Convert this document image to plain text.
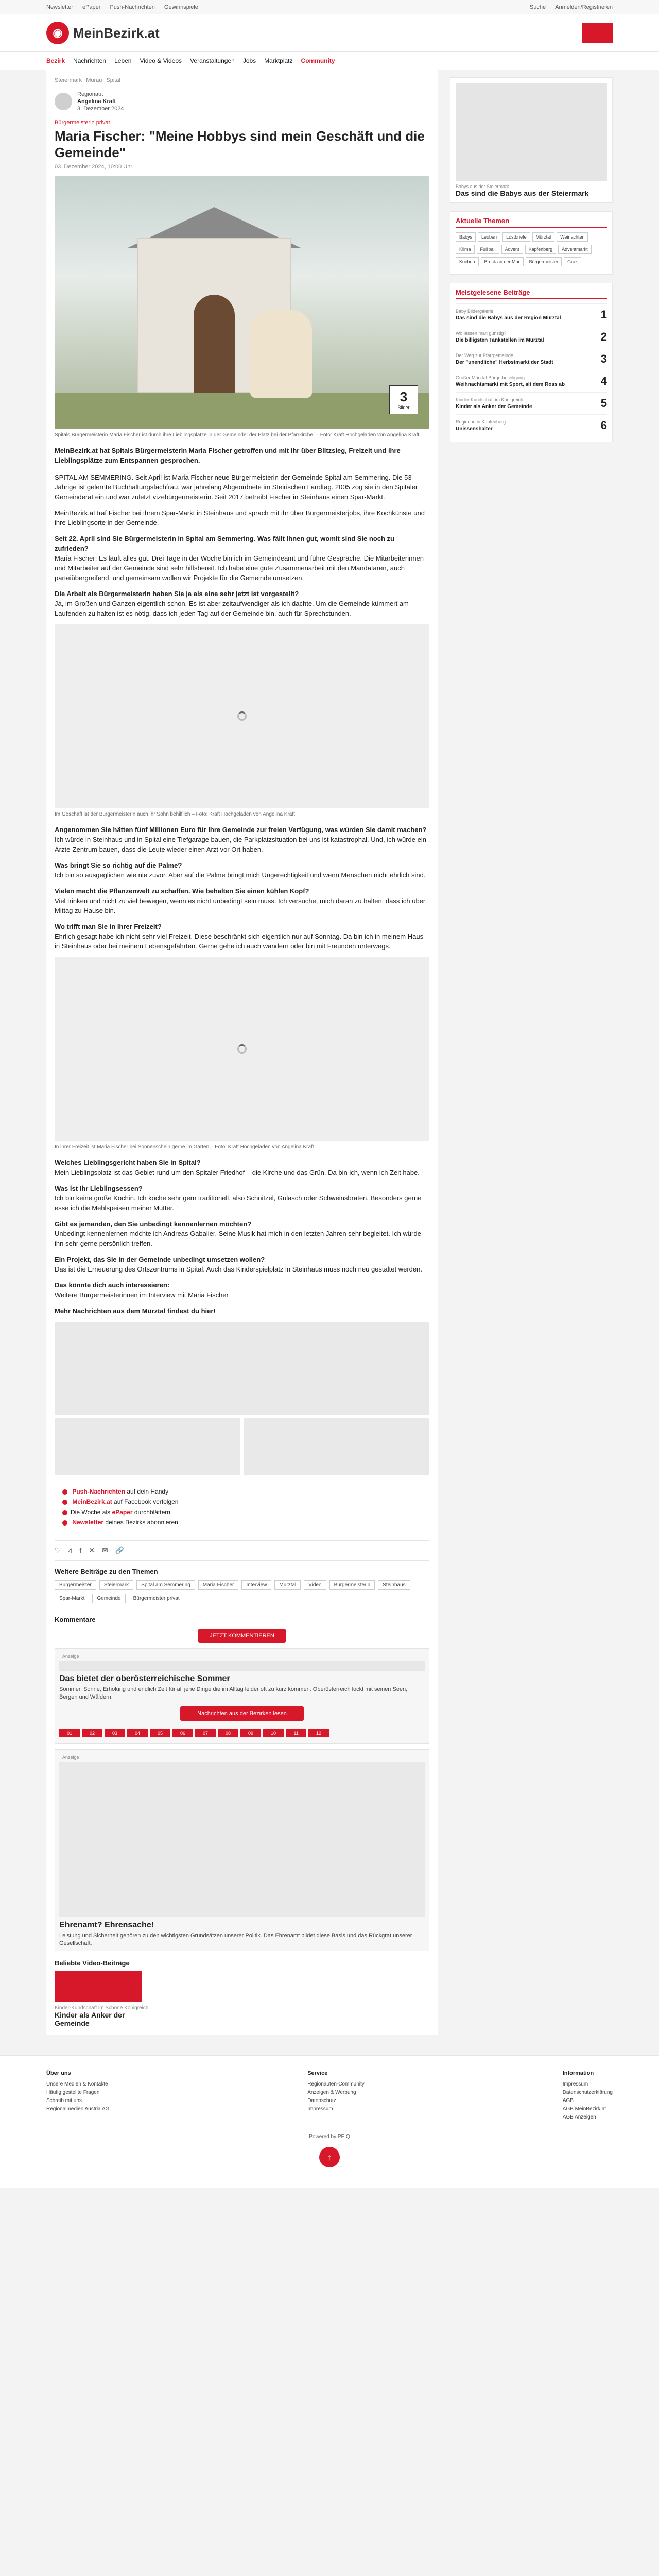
Newsletter ePaper Push-Nachrichten Gewinnspiele	Suche Anmelden/Registrieren
◉ MeinBezirk.at
Bezirk Nachrichten Leben Video & Videos Veranstaltungen Jobs Marktplatz Community
Steiermark Murau Spital
Regionaut
Angelina Kraft
3. Dezember 2024
Bürgermeisterin privat
Maria Fischer: "Meine Hobbys sind mein Geschäft und die Gemeinde"
03. Dezember 2024, 10:00 Uhr
3
Bilder
Spitals Bürgermeisterin Maria Fischer ist durch ihre Lieblingsplätze in der Gemeinde: der Platz bei der Pfarrkirche. – Foto: Kraft Hochgeladen von Angelina Kraft
MeinBezirk.at hat Spitals Bürgermeisterin Maria Fischer getroffen und mit ihr über Blitzsieg, Freizeit und ihre Lieblingsplätze zum Entspannen gesprochen.

SPITAL AM SEMMERING. Seit April ist Maria Fischer neue Bürgermeisterin der Gemeinde Spital am Semmering. Die 53-Jährige ist gelernte Buchhaltungsfachfrau, war jahrelang Abgeordnete im Steirischen Landtag. 2005 zog sie in den Spitaler Gemeinderat ein und war zuletzt vizebürgermeisterin. Seit 2017 betreibt Fischer in Steinhaus einen Spar-Markt.

MeinBezirk.at traf Fischer bei ihrem Spar-Markt in Steinhaus und sprach mit ihr über Bürgermeisterjobs, ihre Kochkünste und ihre Lieblingsorte in der Gemeinde.

Seit 22. April sind Sie Bürgermeisterin in Spital am Semmering. Was fällt Ihnen gut, womit sind Sie noch zu zufrieden?

Maria Fischer: Es läuft alles gut. Drei Tage in der Woche bin ich im Gemeindeamt und führe Gespräche. Die Mitarbeiterinnen und Mitarbeiter auf der Gemeinde sind sehr hilfsbereit. Ich habe eine gute Zusammenarbeit mit den Mandataren, auch parteiübergreifend, und gemeinsam wollen wir Projekte für die Gemeinde umsetzen.

Die Arbeit als Bürgermeisterin haben Sie ja als eine sehr jetzt ist vorgestellt?

Ja, im Großen und Ganzen eigentlich schon. Es ist aber zeitaufwendiger als ich dachte. Um die Gemeinde kümmert am Laufenden zu halten ist es nötig, dass ich jeden Tag auf der Gemeinde bin, auch für Sprechstunden.

Im Geschäft ist der Bürgermeisterin auch ihr Sohn behilflich – Foto: Kraft Hochgeladen von Angelina Kraft
Angenommen Sie hätten fünf Millionen Euro für Ihre Gemeinde zur freien Verfügung, was würden Sie damit machen?

Ich würde in Steinhaus und in Spital eine Tiefgarage bauen, die Parkplatzsituation bei uns ist katastrophal. Und, ich würde ein Ärzte-Zentrum bauen, dass die Leute wieder einen Arzt vor Ort haben.

Was bringt Sie so richtig auf die Palme?

Ich bin so ausgeglichen wie nie zuvor. Aber auf die Palme bringt mich Ungerechtigkeit und wenn Menschen nicht ehrlich sind.

Vielen macht die Pflanzenwelt zu schaffen. Wie behalten Sie einen kühlen Kopf?

Viel trinken und nicht zu viel bewegen, wenn es nicht unbedingt sein muss. Ich versuche, mich daran zu halten, dass ich über Mittag zu Hause bin.

Wo trifft man Sie in Ihrer Freizeit?

Ehrlich gesagt habe ich nicht sehr viel Freizeit. Diese beschränkt sich eigentlich nur auf Sonntag. Da bin ich in meinem Haus in Steinhaus oder bei meinem Lebensgefährten. Gerne gehe ich auch wandern oder bin mit Freunden unterwegs.

In ihrer Freizeit ist Maria Fischer bei Sonnenschein gerne im Garten – Foto: Kraft Hochgeladen von Angelina Kraft
Welches Lieblingsgericht haben Sie in Spital?

Mein Lieblingsplatz ist das Gebiet rund um den Spitaler Friedhof – die Kirche und das Grün. Da bin ich, wenn ich Zeit habe.

Was ist Ihr Lieblingsessen?

Ich bin keine große Köchin. Ich koche sehr gern traditionell, also Schnitzel, Gulasch oder Schweinsbraten. Besonders gerne esse ich die Mehlspeisen meiner Mutter.

Gibt es jemanden, den Sie unbedingt kennenlernen möchten?

Unbedingt kennenlernen möchte ich Andreas Gabalier. Seine Musik hat mich in den letzten Jahren sehr begleitet. Ich würde ihn sehr gerne persönlich treffen.

Ein Projekt, das Sie in der Gemeinde unbedingt umsetzen wollen?

Das ist die Erneuerung des Ortszentrums in Spital. Auch das Kinderspielplatz in Steinhaus muss noch neu gestaltet werden.

Das könnte dich auch interessieren:

Weitere Bürgermeisterinnen im Interview mit Maria Fischer

Mehr Nachrichten aus dem Mürztal findest du hier!

Push-Nachrichten auf dein Handy
MeinBezirk.at auf Facebook verfolgen
Die Woche als ePaper durchblättern
Newsletter deines Bezirks abonnieren
♡ 4 f ✕ ✉ 🔗
Weitere Beiträge zu den Themen
Bürgermeister Steiermark Spital am Semmering Maria Fischer Interview Mürztal Video Bürgermeisterin SteinhausSpar-Markt Gemeinde Bürgermeister privat
Kommentare
JETZT KOMMENTIEREN
Anzeige
Das bietet der oberösterreichische Sommer

Sommer, Sonne, Erholung und endlich Zeit für all jene Dinge die im Alltag leider oft zu kurz kommen. Oberösterreich lockt mit seinen Seen, Bergen und Wäldern.

Nachrichten aus der Bezirken lesen
01	02	03	04	05	06	07	08	09	10	11	12
Anzeige
Ehrenamt? Ehrensache!

Leistung und Sicherheit gehören zu den wichtigsten Grundsätzen unserer Politik. Das Ehrenamt bildet diese Basis und das Rückgrat unserer Gesellschaft.

Beliebte Video-Beiträge
Kinder-Kundschaft im Schöne Königreich
Kinder als Anker der Gemeinde
Babys aus der Steiermark
Das sind die Babys aus der Steiermark
Aktuelle Themen
Babys Leoben Lostbriefe Mürztal WeinachtenKlima Fußball Advent Kapfenberg AdventmarktKochen Bruck an der Mur Bürgermeister Graz
Meistgelesene Beiträge
Baby Bildergalerie
Das sind die Babys aus der Region Mürztal	1
Wo lassen man günstig?
Die billigsten Tankstellen im Mürztal	2
Der Weg zur Pfarrgemeinde
Der "unendliche" Herbstmarkt der Stadt	3
Großer Mürztal-Bürgerbeteiligung
Weihnachtsmarkt mit Sport, alt dem Ross ab	4
Kinder-Kundschaft im Königreich
Kinder als Anker der Gemeinde	5
Regionautin Kapfenberg
Unissenshalter	6
Über uns
Unsere Medien & Kontakte
Häufig gestellte Fragen
Schreib mit uns
Regionalmedien Austria AG
Service
Regionauten-Community
Anzeigen & Werbung
Datenschutz
Impressum
Information
Impressum
Datenschutzerklärung
AGB
AGB MeinBezirk.at
AGB Anzeigen
Powered by PEIQ
↑
